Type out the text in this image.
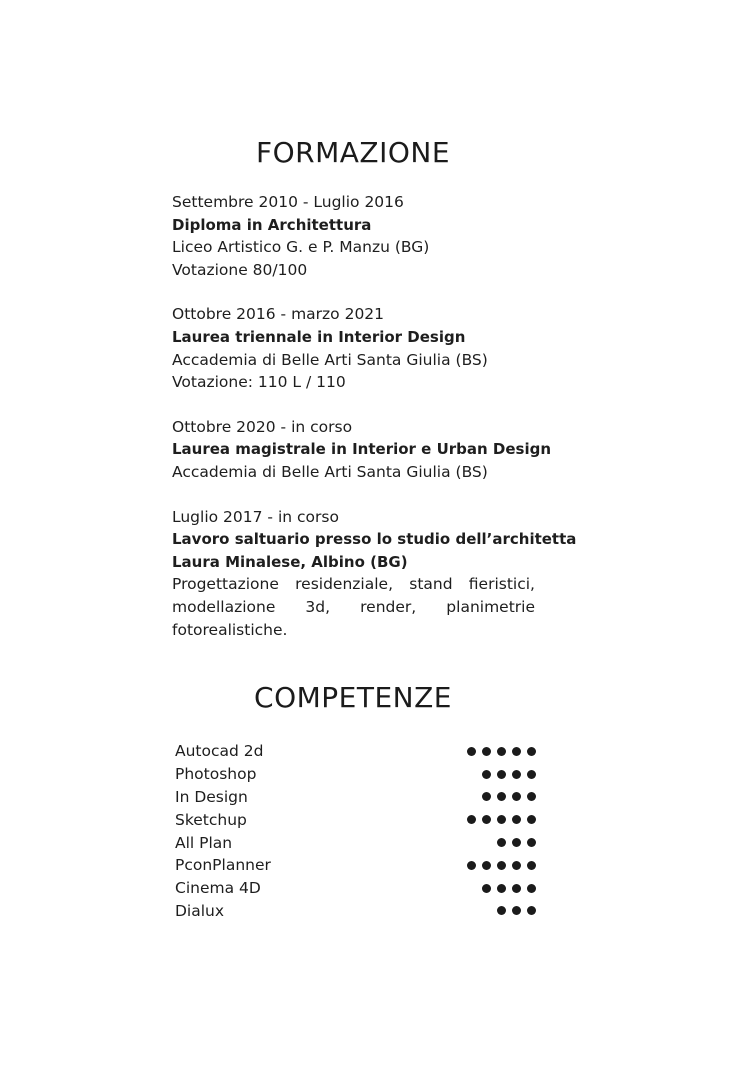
FORMAZIONE
Settembre 2010 - Luglio 2016
Diploma in Architettura
Liceo Artistico G. e P. Manzu (BG)
Votazione 80/100
Ottobre 2016 - marzo 2021
Laurea triennale in Interior Design
Accademia di Belle Arti Santa Giulia (BS)
Votazione: 110 L / 110
Ottobre 2020 - in corso
Laurea magistrale in Interior e Urban Design
Accademia di Belle Arti Santa Giulia (BS)
Luglio 2017 - in corso
Lavoro saltuario presso lo studio dell’architetta
Laura Minalese, Albino (BG)
Progettazione residenziale, stand fieristici, modellazione 3d, render, planimetrie fotorealistiche.
COMPETENZE
Autocad 2d
Photoshop
In Design
Sketchup
All Plan
PconPlanner
Cinema 4D
Dialux
